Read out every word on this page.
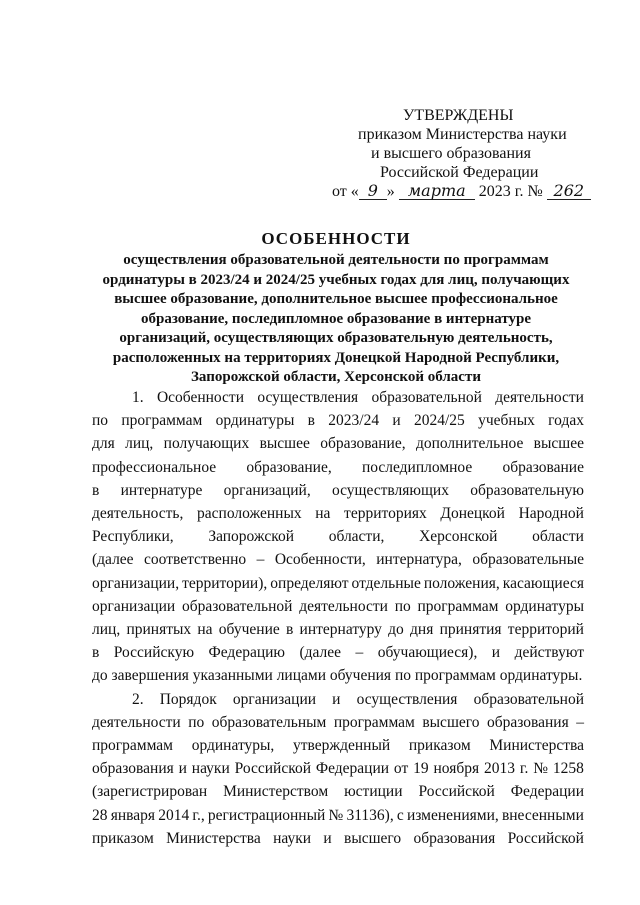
УТВЕРЖДЕНЫ
приказом Министерства науки
и высшего образования
Российской Федерации
от « 9 » марта 2023 г. № 262
ОСОБЕННОСТИ
осуществления образовательной деятельности по программам
ординатуры в 2023/24 и 2024/25 учебных годах для лиц, получающих
высшее образование, дополнительное высшее профессиональное
образование, последипломное образование в интернатуре
организаций, осуществляющих образовательную деятельность,
расположенных на территориях Донецкой Народной Республики,
Запорожской области, Херсонской области
1. Особенности осуществления образовательной деятельности
по программам ординатуры в 2023/24 и 2024/25 учебных годах
для лиц, получающих высшее образование, дополнительное высшее
профессиональное образование, последипломное образование
в интернатуре организаций, осуществляющих образовательную
деятельность, расположенных на территориях Донецкой Народной
Республики, Запорожской области, Херсонской области
(далее соответственно – Особенности, интернатура, образовательные
организации, территории), определяют отдельные положения, касающиеся
организации образовательной деятельности по программам ординатуры
лиц, принятых на обучение в интернатуру до дня принятия территорий
в Российскую Федерацию (далее – обучающиеся), и действуют
до завершения указанными лицами обучения по программам ординатуры.
2. Порядок организации и осуществления образовательной
деятельности по образовательным программам высшего образования –
программам ординатуры, утвержденный приказом Министерства
образования и науки Российской Федерации от 19 ноября 2013 г. № 1258
(зарегистрирован Министерством юстиции Российской Федерации
28 января 2014 г., регистрационный № 31136), с изменениями, внесенными
приказом Министерства науки и высшего образования Российской
